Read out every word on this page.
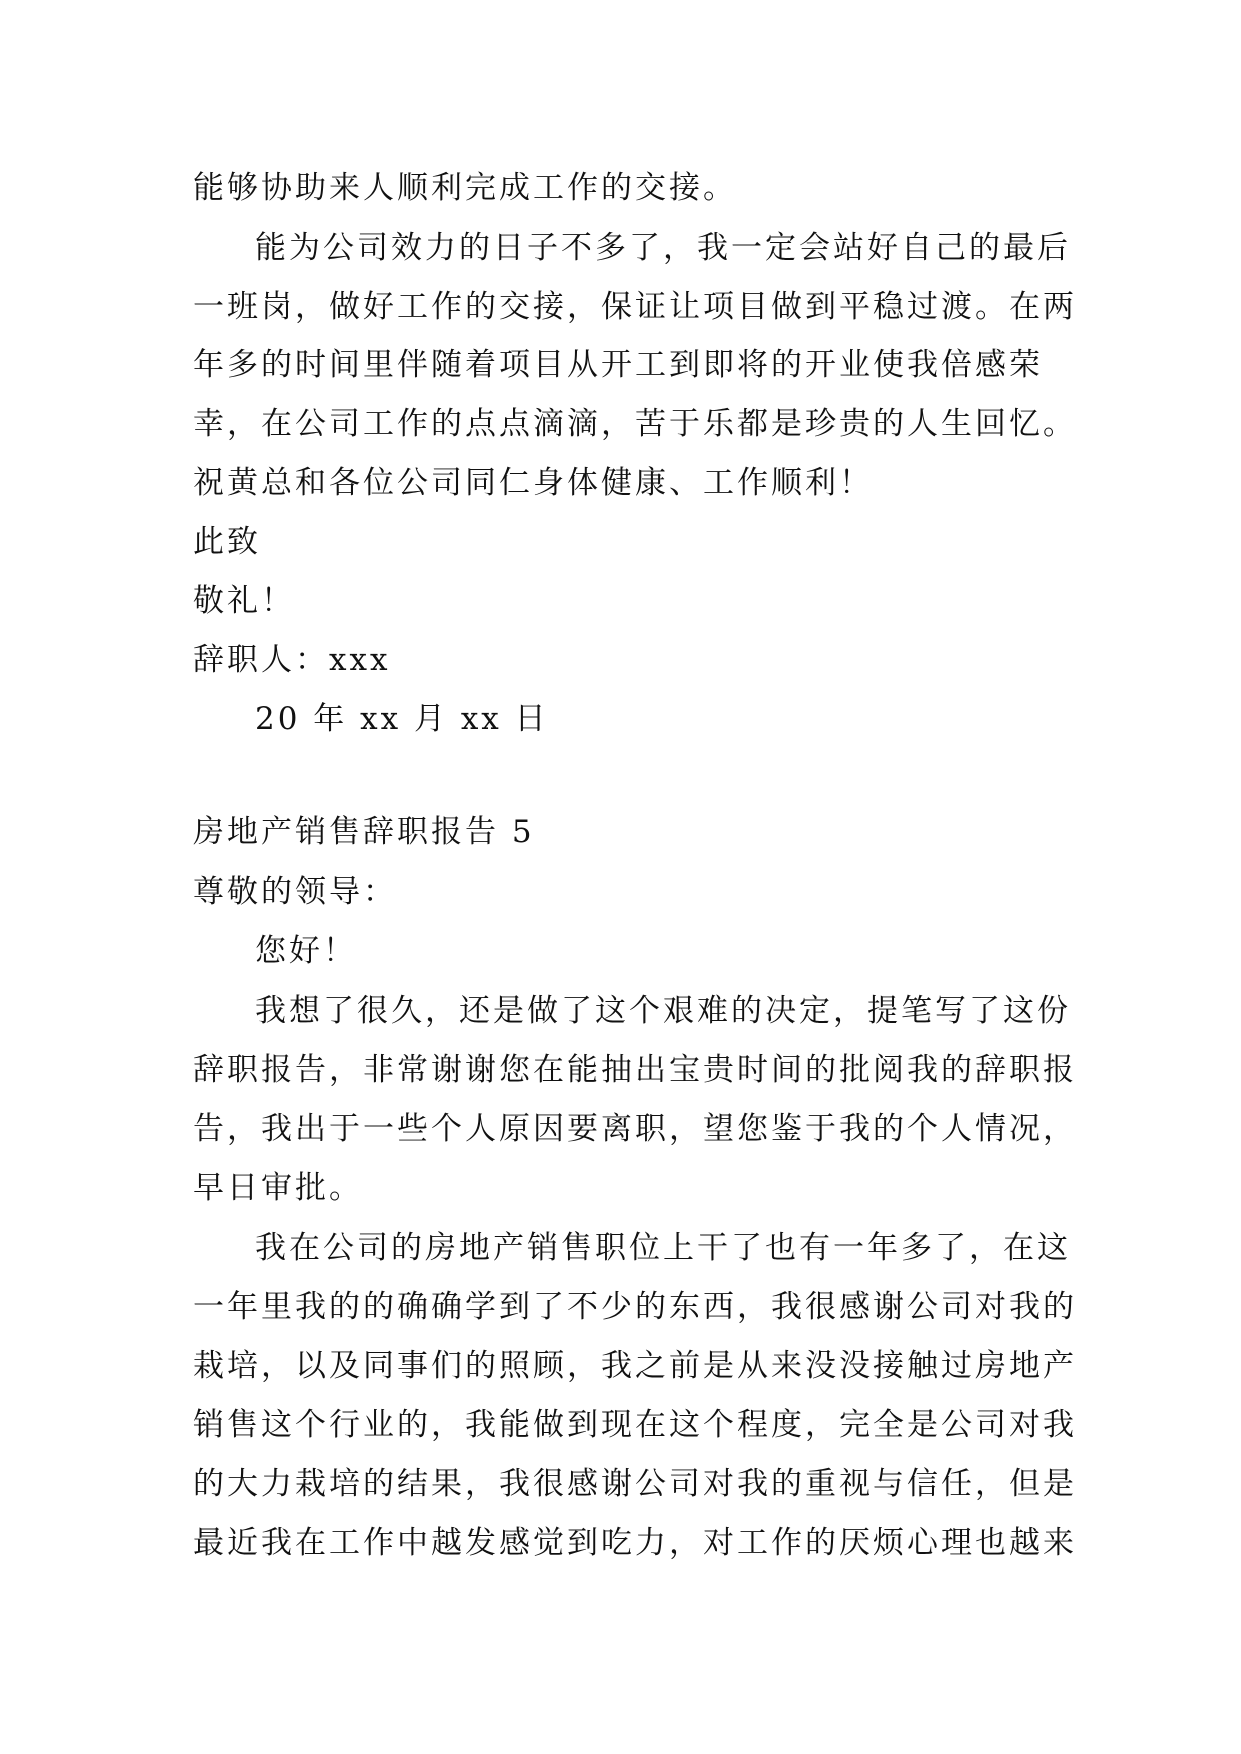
能够协助来人顺利完成工作的交接。
能为公司效力的日子不多了，我一定会站好自己的最后
一班岗，做好工作的交接，保证让项目做到平稳过渡。在两
年多的时间里伴随着项目从开工到即将的开业使我倍感荣
幸，在公司工作的点点滴滴，苦于乐都是珍贵的人生回忆。
祝黄总和各位公司同仁身体健康、工作顺利！
此致
敬礼！
辞职人：xxx
20 年 xx 月 xx 日
房地产销售辞职报告 5
尊敬的领导：
您好！
我想了很久，还是做了这个艰难的决定，提笔写了这份
辞职报告，非常谢谢您在能抽出宝贵时间的批阅我的辞职报
告，我出于一些个人原因要离职，望您鉴于我的个人情况，
早日审批。
我在公司的房地产销售职位上干了也有一年多了，在这
一年里我的的确确学到了不少的东西，我很感谢公司对我的
栽培，以及同事们的照顾，我之前是从来没没接触过房地产
销售这个行业的，我能做到现在这个程度，完全是公司对我
的大力栽培的结果，我很感谢公司对我的重视与信任，但是
最近我在工作中越发感觉到吃力，对工作的厌烦心理也越来
